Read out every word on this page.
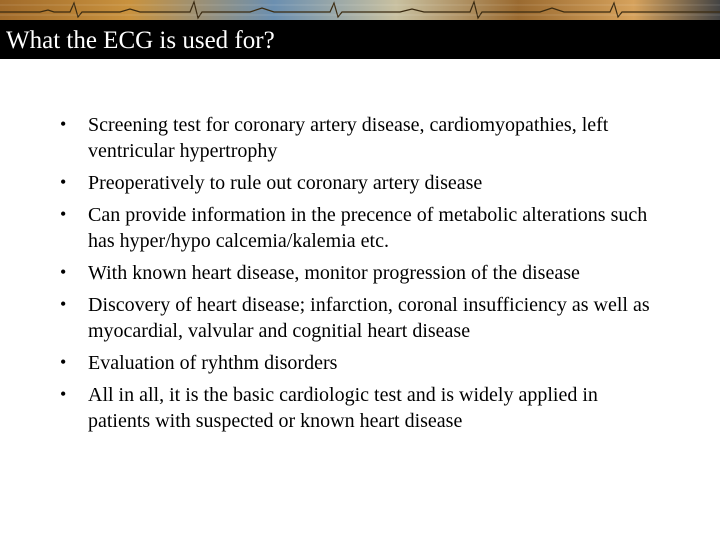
What the ECG is used for?
• Screening test for coronary artery disease, cardiomyopathies, left ventricular hypertrophy
• Preoperatively to rule out coronary artery disease
• Can provide information in the precence of metabolic alterations such has hyper/hypo calcemia/kalemia etc.
• With known heart disease, monitor progression of the disease
• Discovery of heart disease; infarction, coronal insufficiency as well as myocardial, valvular and cognitial heart disease
• Evaluation of ryhthm disorders
• All in all, it is the basic cardiologic test and is widely applied in patients with suspected or known heart disease
